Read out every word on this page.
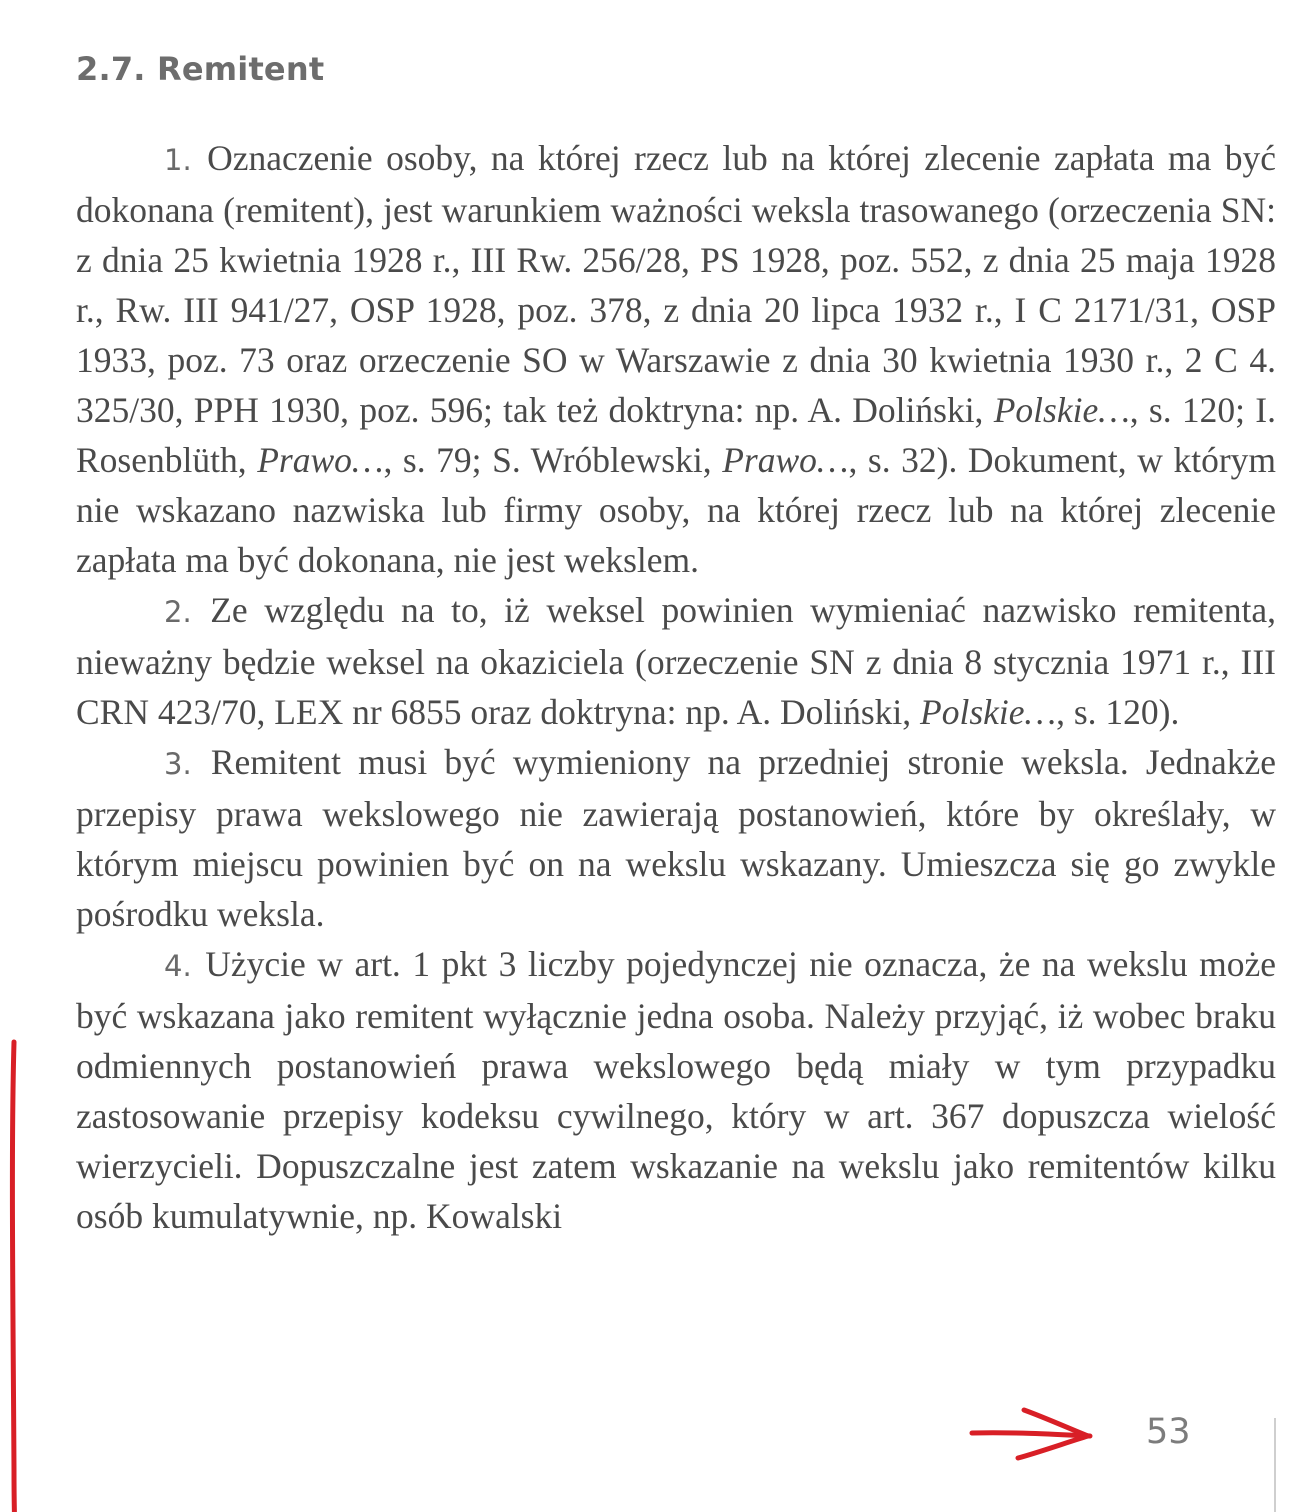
2.7. Remitent

1. Oznaczenie osoby, na której rzecz lub na której zlecenie zapłata ma być dokonana (remitent), jest warunkiem ważności weksla trasowanego (orzeczenia SN: z dnia 25 kwietnia 1928 r., III Rw. 256/28, PS 1928, poz. 552, z dnia 25 maja 1928 r., Rw. III 941/27, OSP 1928, poz. 378, z dnia 20 lipca 1932 r., I C 2171/31, OSP 1933, poz. 73 oraz orzeczenie SO w Warszawie z dnia 30 kwietnia 1930 r., 2 C 4. 325/30, PPH 1930, poz. 596; tak też doktryna: np. A. Doliński, Polskie…, s. 120; I. Rosenblüth, Prawo…, s. 79; S. Wróblewski, Prawo…, s. 32). Dokument, w którym nie wskazano nazwiska lub firmy osoby, na której rzecz lub na której zlecenie zapłata ma być dokonana, nie jest wekslem.

2. Ze względu na to, iż weksel powinien wymieniać nazwisko remitenta, nieważny będzie weksel na okaziciela (orzeczenie SN z dnia 8 stycznia 1971 r., III CRN 423/70, LEX nr 6855 oraz doktryna: np. A. Doliński, Polskie…, s. 120).

3. Remitent musi być wymieniony na przedniej stronie weksla. Jednakże przepisy prawa wekslowego nie zawierają postanowień, które by określały, w którym miejscu powinien być on na wekslu wskazany. Umieszcza się go zwykle pośrodku weksla.

4. Użycie w art. 1 pkt 3 liczby pojedynczej nie oznacza, że na wekslu może być wskazana jako remitent wyłącznie jedna osoba. Należy przyjąć, iż wobec braku odmiennych postanowień prawa wekslowego będą miały w tym przypadku zastosowanie przepisy kodeksu cywilnego, który w art. 367 dopuszcza wielość wierzycieli. Dopuszczalne jest zatem wskazanie na wekslu jako remitentów kilku osób kumulatywnie, np. Kowalski

53
